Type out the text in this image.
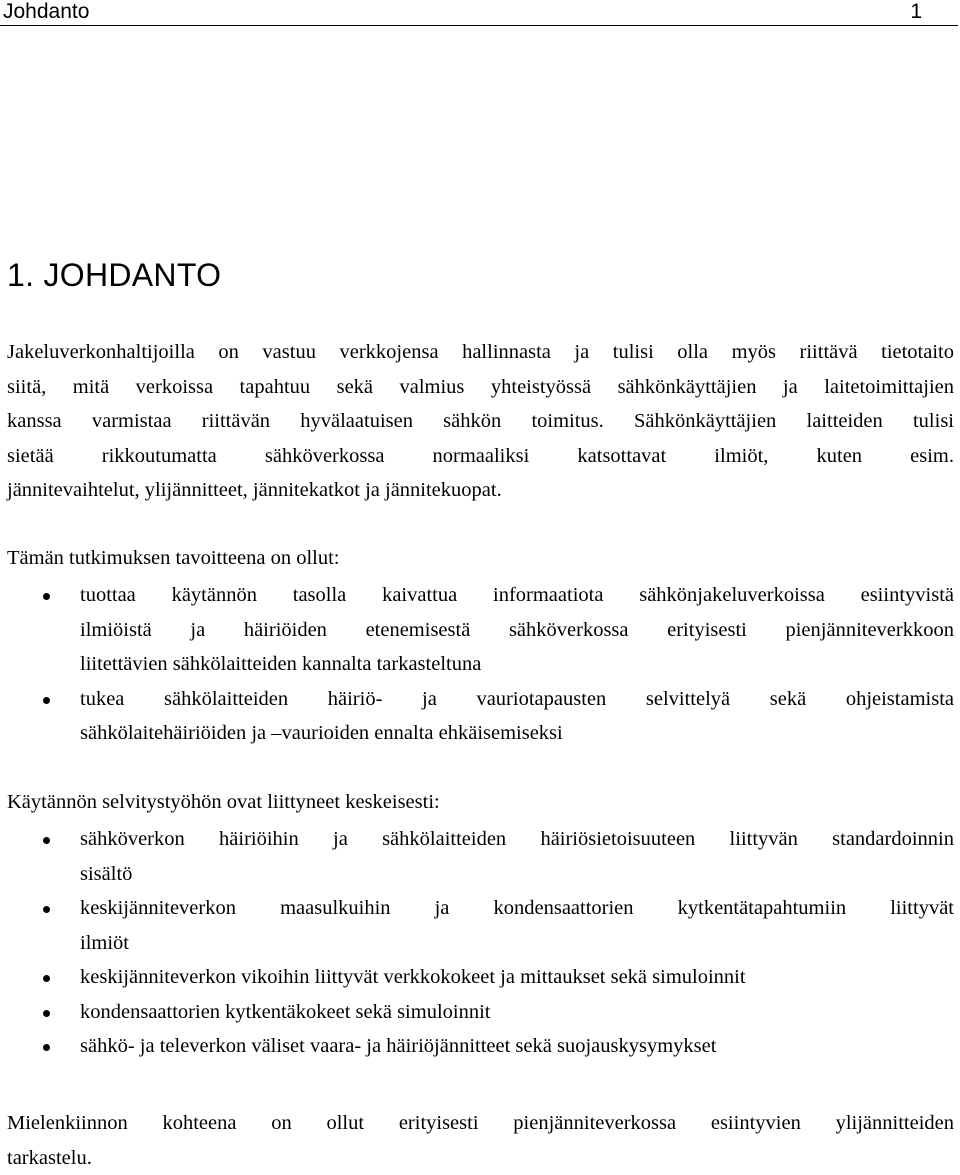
Johdanto	1
1. JOHDANTO
Jakeluverkonhaltijoilla on vastuu verkkojensa hallinnasta ja tulisi olla myös riittävä tietotaito
siitä, mitä verkoissa tapahtuu sekä valmius yhteistyössä sähkönkäyttäjien ja laitetoimittajien
kanssa varmistaa riittävän hyvälaatuisen sähkön toimitus. Sähkönkäyttäjien laitteiden tulisi
sietää rikkoutumatta sähköverkossa normaaliksi katsottavat ilmiöt, kuten esim.
jännitevaihtelut, ylijännitteet, jännitekatkot ja jännitekuopat.
Tämän tutkimuksen tavoitteena on ollut:
tuottaa käytännön tasolla kaivattua informaatiota sähkönjakeluverkoissa esiintyvistä
ilmiöistä ja häiriöiden etenemisestä sähköverkossa erityisesti pienjänniteverkkoon
liitettävien sähkölaitteiden kannalta tarkasteltuna
tukea sähkölaitteiden häiriö- ja vauriotapausten selvittelyä sekä ohjeistamista
sähkölaitehäiriöiden ja –vaurioiden ennalta ehkäisemiseksi
Käytännön selvitystyöhön ovat liittyneet keskeisesti:
sähköverkon häiriöihin ja sähkölaitteiden häiriösietoisuuteen liittyvän standardoinnin
sisältö
keskijänniteverkon maasulkuihin ja kondensaattorien kytkentätapahtumiin liittyvät
ilmiöt
keskijänniteverkon vikoihin liittyvät verkkokokeet ja mittaukset sekä simuloinnit
kondensaattorien kytkentäkokeet sekä simuloinnit
sähkö- ja televerkon väliset vaara- ja häiriöjännitteet sekä suojauskysymykset
Mielenkiinnon kohteena on ollut erityisesti pienjänniteverkossa esiintyvien ylijännitteiden
tarkastelu.
